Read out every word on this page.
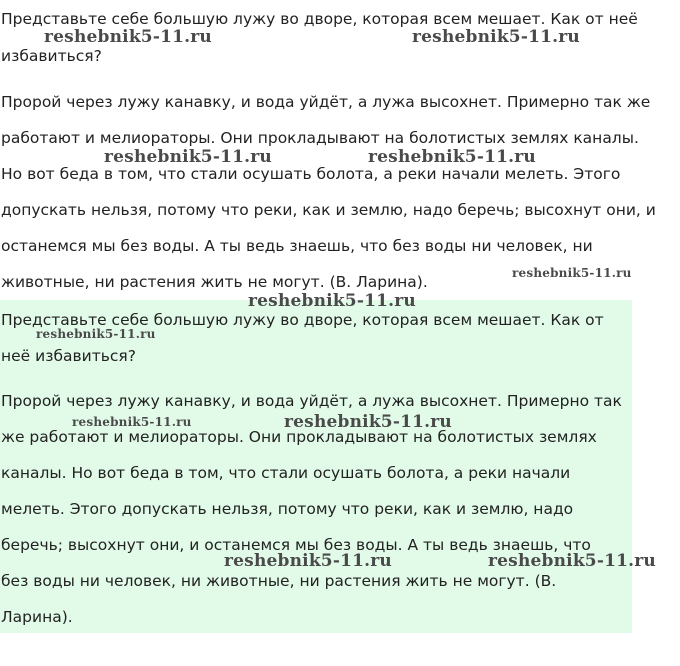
Представьте себе большую лужу во дворе, которая всем мешает. Как от неё
избавиться?
Пророй через лужу канавку, и вода уйдёт, а лужа высохнет. Примерно так же
работают и мелиораторы. Они прокладывают на болотистых землях каналы.
Но вот беда в том, что стали осушать болота, а реки начали мелеть. Этого
допускать нельзя, потому что реки, как и землю, надо беречь; высохнут они, и
останемся мы без воды. А ты ведь знаешь, что без воды ни человек, ни
животные, ни растения жить не могут. (В. Ларина).
Представьте себе большую лужу во дворе, которая всем мешает. Как от
неё избавиться?
Пророй через лужу канавку, и вода уйдёт, а лужа высохнет. Примерно так
же работают и мелиораторы. Они прокладывают на болотистых землях
каналы. Но вот беда в том, что стали осушать болота, а реки начали
мелеть. Этого допускать нельзя, потому что реки, как и землю, надо
беречь; высохнут они, и останемся мы без воды. А ты ведь знаешь, что
без воды ни человек, ни животные, ни растения жить не могут. (В.
Ларина).
reshebnik5-11.ru	reshebnik5-11.ru
reshebnik5-11.ru	reshebnik5-11.ru
reshebnik5-11.ru
reshebnik5-11.ru
reshebnik5-11.ru
reshebnik5-11.ru	reshebnik5-11.ru
reshebnik5-11.ru	reshebnik5-11.ru
